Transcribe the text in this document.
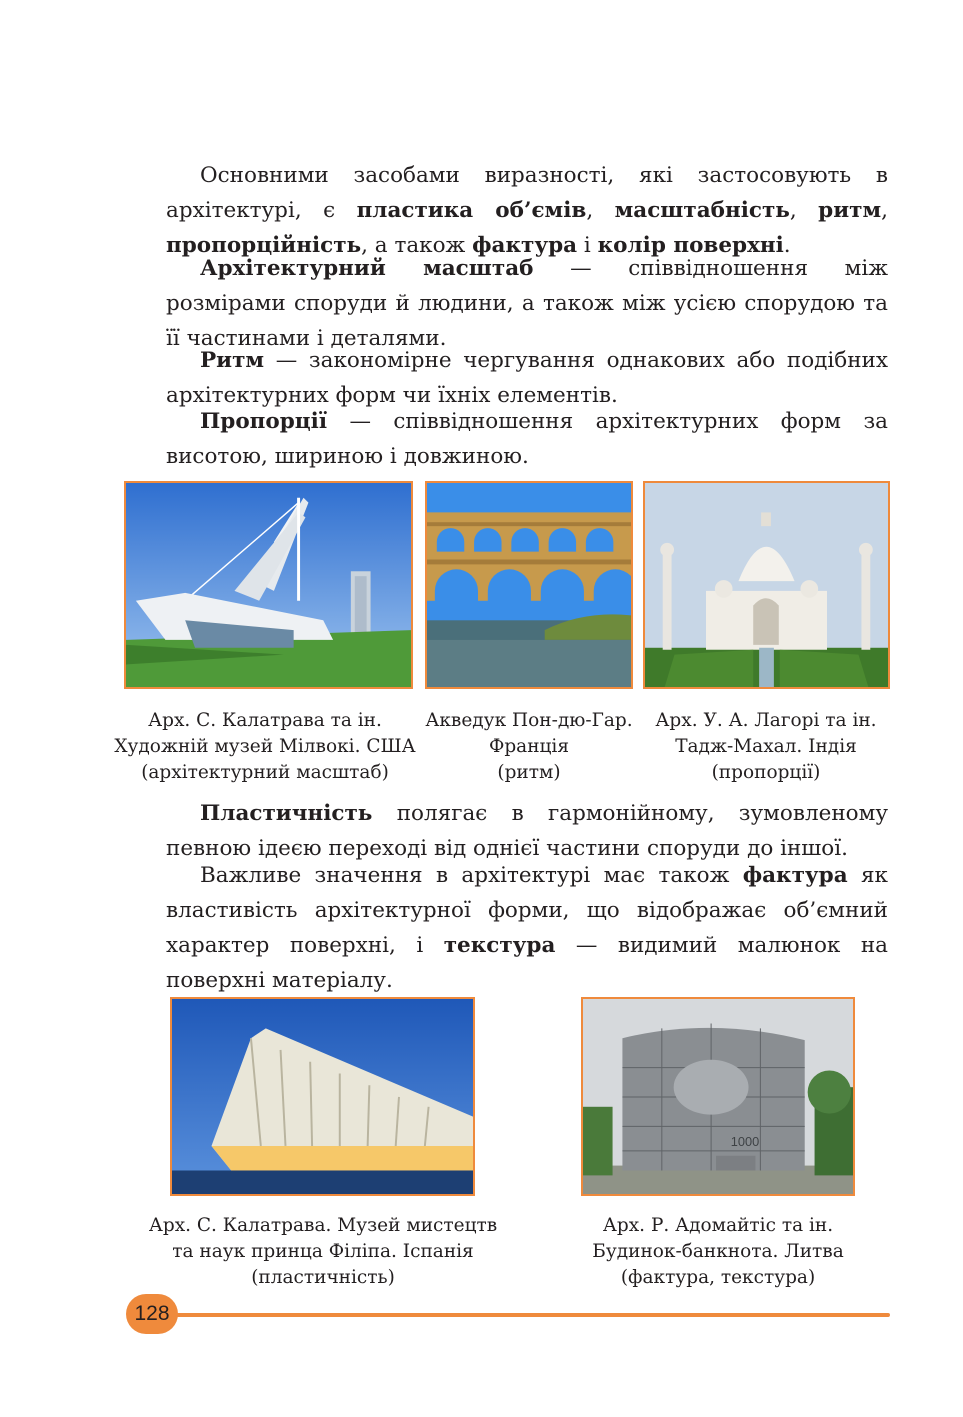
Основними засобами виразності, які застосовують в архітектурі, є пластика об’ємів, масштабність, ритм, пропорційність, а також фактура і колір поверхні.

Архітектурний масштаб — співвідношення між розмірами споруди й людини, а також між усією спорудою та її частинами і деталями.

Ритм — закономірне чергування однакових або подібних архітектурних форм чи їхніх елементів.

Пропорції — співвідношення архітектурних форм за висотою, шириною і довжиною.

Арх. С. Калатрава та ін.
Художній музей Мілвокі. США
(архітектурний масштаб)
Акведук Пон-дю-Гар.
Франція
(ритм)
Арх. У. А. Лагорі та ін.
Тадж-Махал. Індія
(пропорції)

Пластичність полягає в гармонійному, зумовленому певною ідеєю переході від однієї частини споруди до іншої.

Важливе значення в архітектурі має також фактура як властивість архітектурної форми, що відображає об’ємний характер поверхні, і текстура — видимий малюнок на поверхні матеріалу.

1000
Арх. С. Калатрава. Музей мистецтв
та наук принца Філіпа. Іспанія
(пластичність)
Арх. Р. Адомайтіс та ін.
Будинок-банкнота. Литва
(фактура, текстура)
128
